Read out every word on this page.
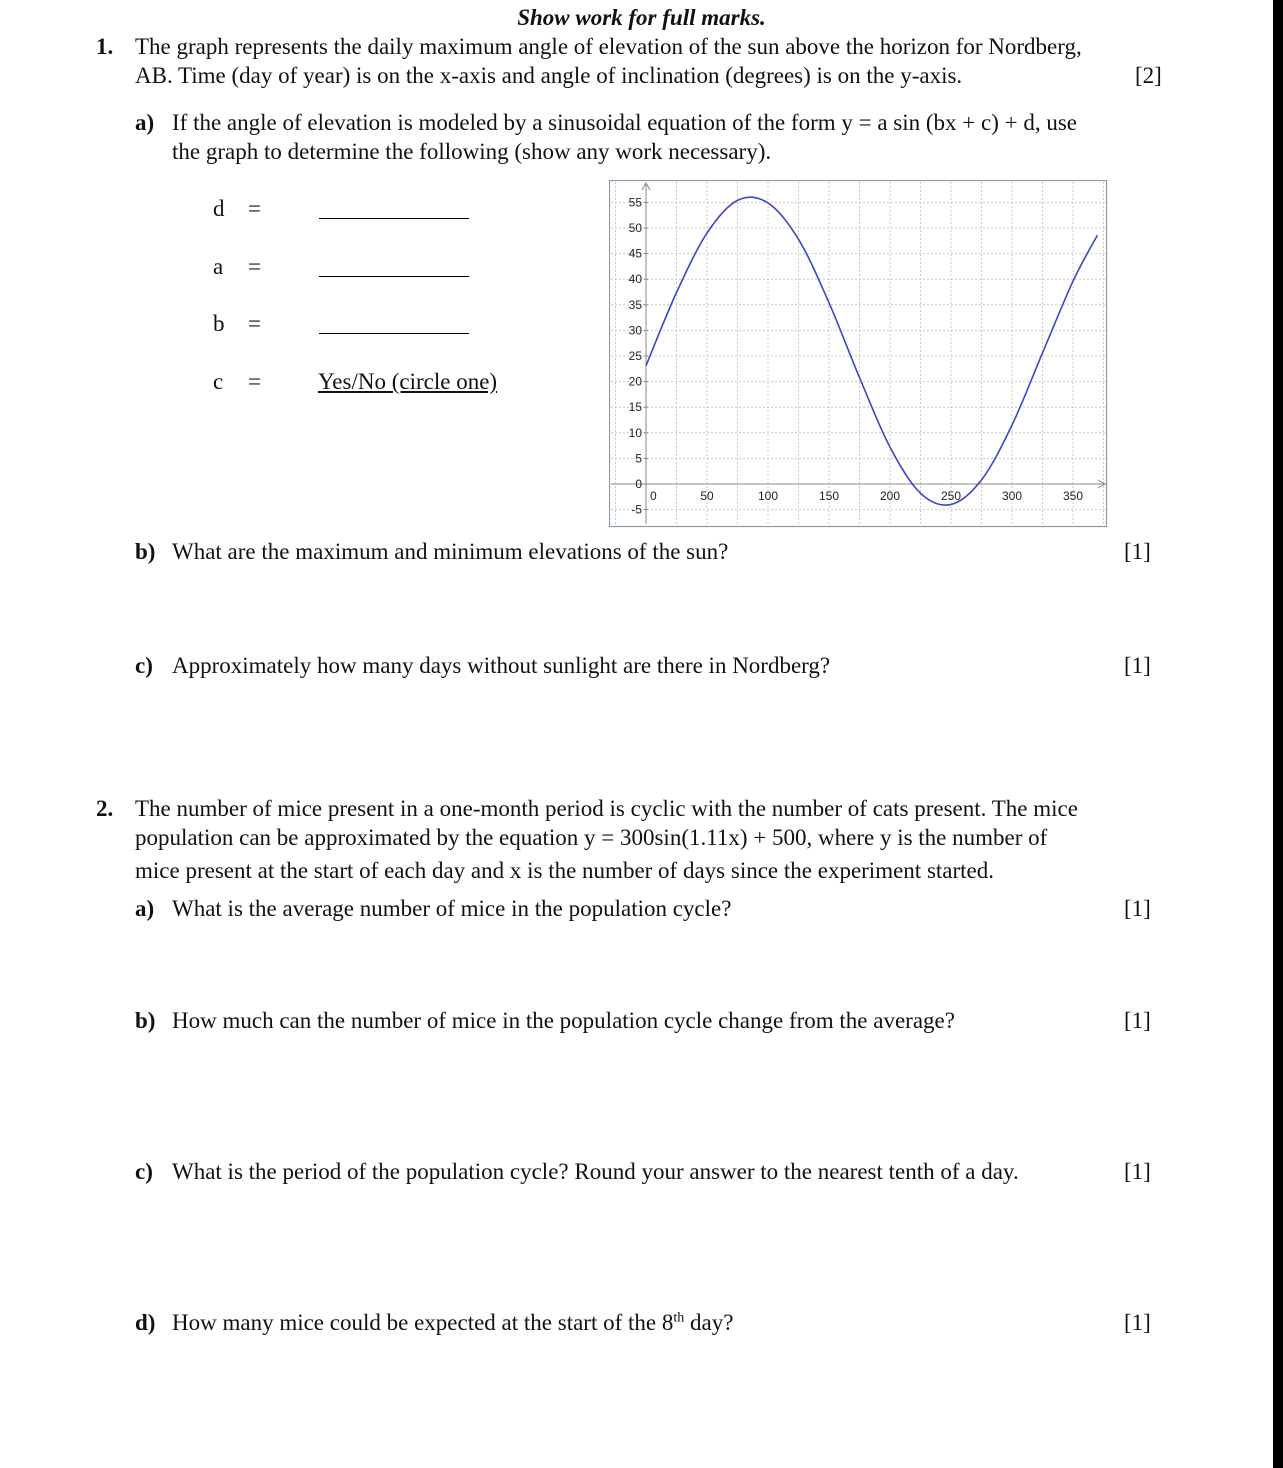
Show work for full marks.
1. The graph represents the daily maximum angle of elevation of the sun above the horizon for Nordberg,
AB. Time (day of year) is on the x-axis and angle of inclination (degrees) is on the y-axis.	[2]
a) If the angle of elevation is modeled by a sinusoidal equation of the form y = a sin (bx + c) + d, use
the graph to determine the following (show any work necessary).
d =
a =
b =
c = Yes/No (circle one)
-5
0
5
10
15
20
25
30
35
40
45
50
55
0	50	100	150	200	250	300	350
b) What are the maximum and minimum elevations of the sun?	[1]
c) Approximately how many days without sunlight are there in Nordberg?	[1]
2. The number of mice present in a one-month period is cyclic with the number of cats present. The mice
population can be approximated by the equation y = 300sin(1.11x) + 500, where y is the number of
mice present at the start of each day and x is the number of days since the experiment started.
a) What is the average number of mice in the population cycle?	[1]
b) How much can the number of mice in the population cycle change from the average?	[1]
c) What is the period of the population cycle? Round your answer to the nearest tenth of a day.	[1]
d) How many mice could be expected at the start of the 8th day?	[1]
